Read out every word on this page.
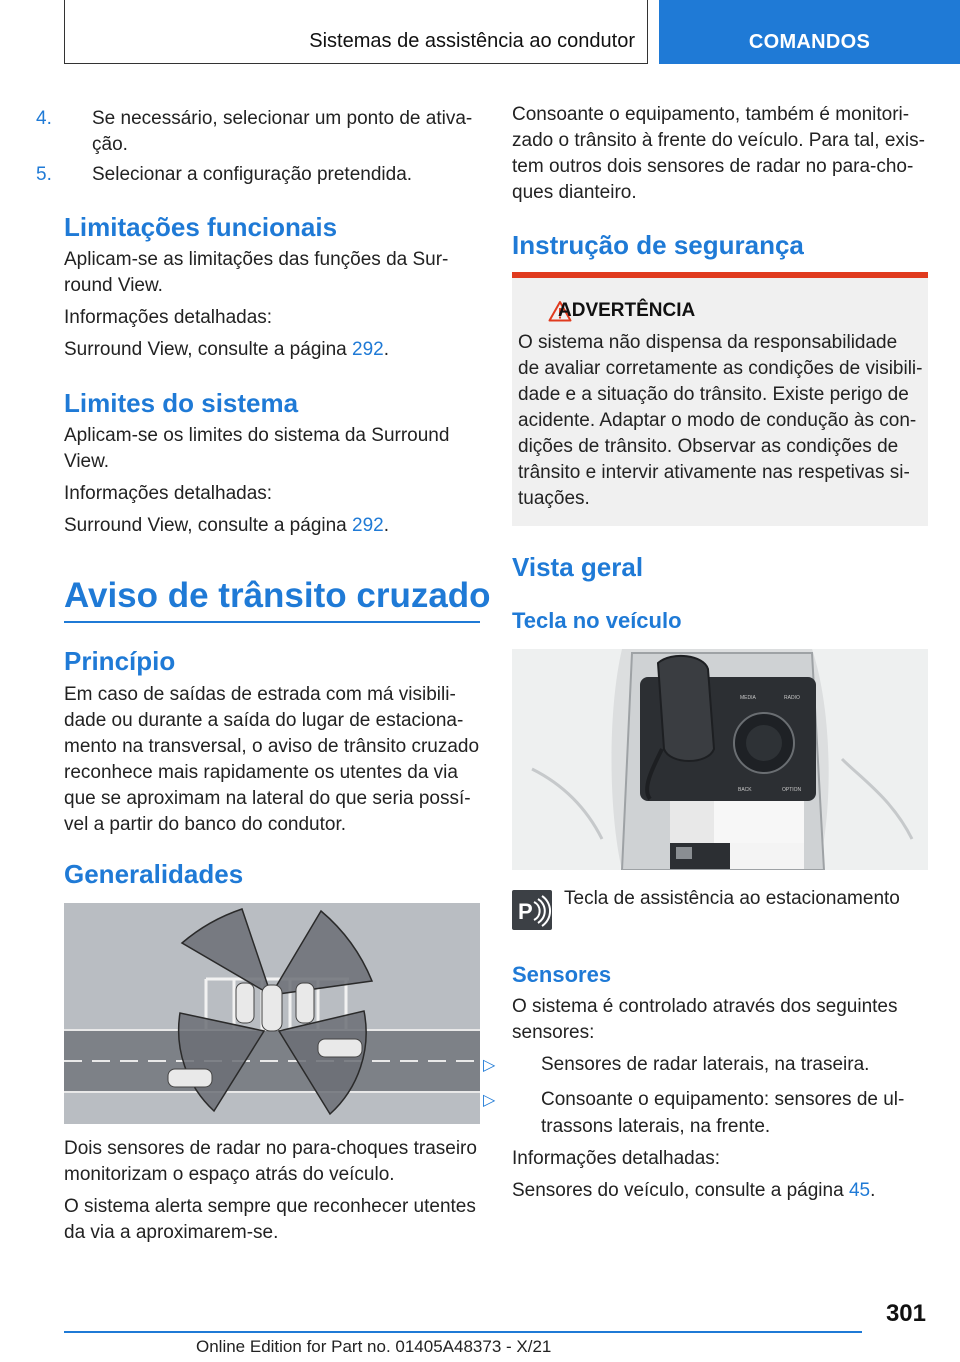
Sistemas de assistência ao condutor	COMANDOS
4. Se necessário, selecionar um ponto de ativa-
ção.
5. Selecionar a configuração pretendida.
Limitações funcionais

Aplicam-se as limitações das funções da Sur-

round View.

Informações detalhadas:

Surround View, consulte a página 292.

Limites do sistema

Aplicam-se os limites do sistema da Surround

View.

Informações detalhadas:

Surround View, consulte a página 292.

Aviso de trânsito cruzado
Princípio

Em caso de saídas de estrada com má visibili-

dade ou durante a saída do lugar de estaciona-

mento na transversal, o aviso de trânsito cruzado

reconhece mais rapidamente os utentes da via

que se aproximam na lateral do que seria possí-

vel a partir do banco do condutor.

Generalidades

Dois sensores de radar no para-choques traseiro

monitorizam o espaço atrás do veículo.

O sistema alerta sempre que reconhecer utentes

da via a aproximarem-se.

Consoante o equipamento, também é monitori-

zado o trânsito à frente do veículo. Para tal, exis-

tem outros dois sensores de radar no para-cho-

ques dianteiro.

Instrução de segurança
ADVERTÊNCIA

O sistema não dispensa da responsabilidade

de avaliar corretamente as condições de visibili-

dade e a situação do trânsito. Existe perigo de

acidente. Adaptar o modo de condução às con-

dições de trânsito. Observar as condições de

trânsito e intervir ativamente nas respetivas si-

tuações.

Vista geral
Tecla no veículo
MEDIA	RADIO
BACK	OPTION
P
Tecla de assistência ao estacionamento
Sensores

O sistema é controlado através dos seguintes

sensores:

▷ Sensores de radar laterais, na traseira.

▷ Consoante o equipamento: sensores de ul-
trassons laterais, na frente.

Informações detalhadas:

Sensores do veículo, consulte a página 45.

301
Online Edition for Part no. 01405A48373 - X/21
